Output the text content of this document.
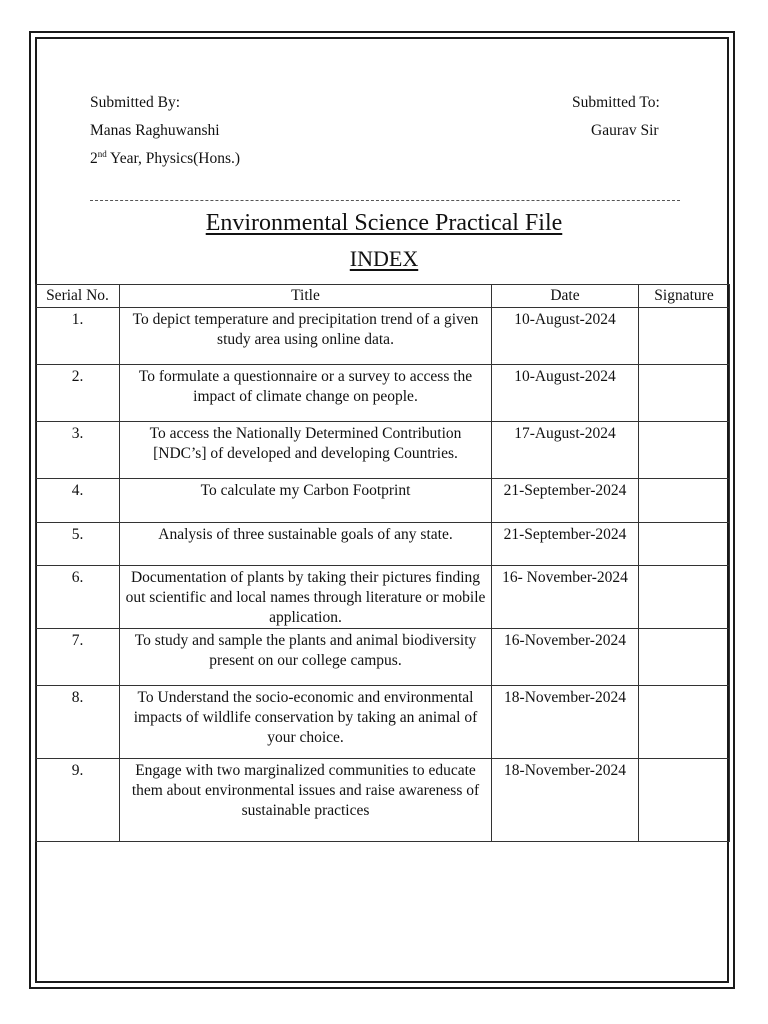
Submitted By:
Manas Raghuwanshi
2nd Year, Physics(Hons.)
Submitted To:
Gaurav Sir
Environmental Science Practical File
INDEX
Serial No.	Title	Date	Signature
1.	To depict temperature and precipitation trend of a given study area using online data.	10-August-2024	
2.	To formulate a questionnaire or a survey to access the impact of climate change on people.	10-August-2024	
3.	To access the Nationally Determined Contribution [NDC’s] of developed and developing Countries.	17-August-2024	
4.	To calculate my Carbon Footprint	21-September-2024	
5.	Analysis of three sustainable goals of any state.	21-September-2024	
6.	Documentation of plants by taking their pictures finding out scientific and local names through literature or mobile application.	16- November-2024	
7.	To study and sample the plants and animal biodiversity present on our college campus.	16-November-2024	
8.	To Understand the socio-economic and environmental impacts of wildlife conservation by taking an animal of your choice.	18-November-2024	
9.	Engage with two marginalized communities to educate them about environmental issues and raise awareness of sustainable practices	18-November-2024	
